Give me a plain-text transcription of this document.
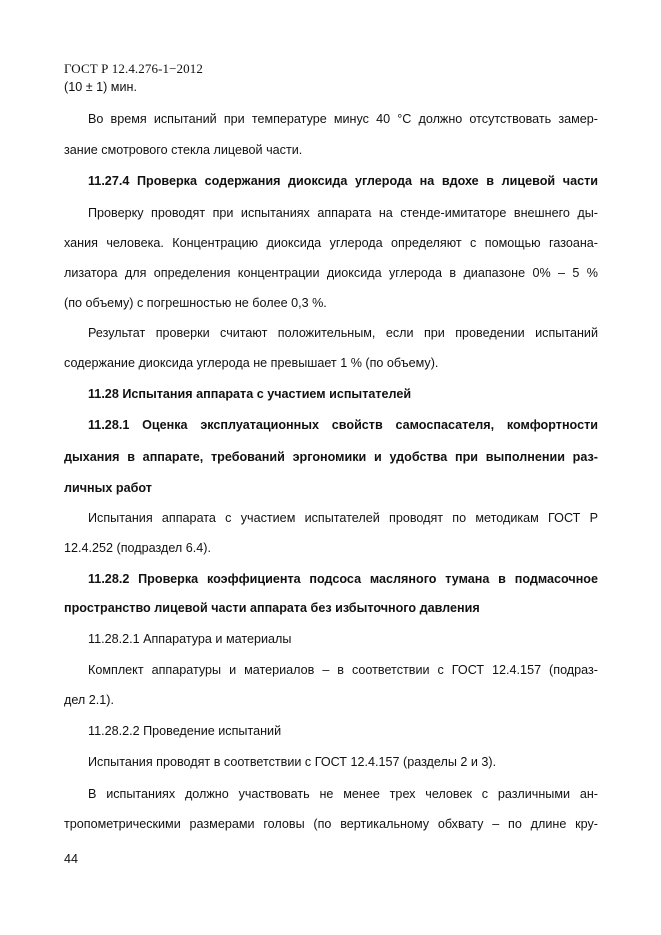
ГОСТ Р 12.4.276-1−2012
(10 ± 1) мин.
Во время испытаний при температуре минус 40 °С должно отсутствовать замер-
зание смотрового стекла лицевой части.
11.27.4 Проверка содержания диоксида углерода на вдохе в лицевой части
Проверку проводят при испытаниях аппарата на стенде-имитаторе внешнего ды-
хания человека. Концентрацию диоксида углерода определяют с помощью газоана-
лизатора для определения концентрации диоксида углерода в диапазоне 0% – 5 %
(по объему) с погрешностью не более 0,3 %.
Результат проверки считают положительным, если при проведении испытаний
содержание диоксида углерода не превышает 1 % (по объему).
11.28 Испытания аппарата с участием испытателей
11.28.1 Оценка эксплуатационных свойств самоспасателя, комфортности
дыхания в аппарате, требований эргономики и удобства при выполнении раз-
личных работ
Испытания аппарата с участием испытателей проводят по методикам ГОСТ Р
12.4.252 (подраздел 6.4).
11.28.2 Проверка коэффициента подсоса масляного тумана в подмасочное
пространство лицевой части аппарата без избыточного давления
11.28.2.1 Аппаратура и материалы
Комплект аппаратуры и материалов – в соответствии с ГОСТ 12.4.157 (подраз-
дел 2.1).
11.28.2.2 Проведение испытаний
Испытания проводят в соответствии с ГОСТ 12.4.157 (разделы 2 и 3).
В испытаниях должно участвовать не менее трех человек с различными ан-
тропометрическими размерами головы (по вертикальному обхвату – по длине кру-
44
